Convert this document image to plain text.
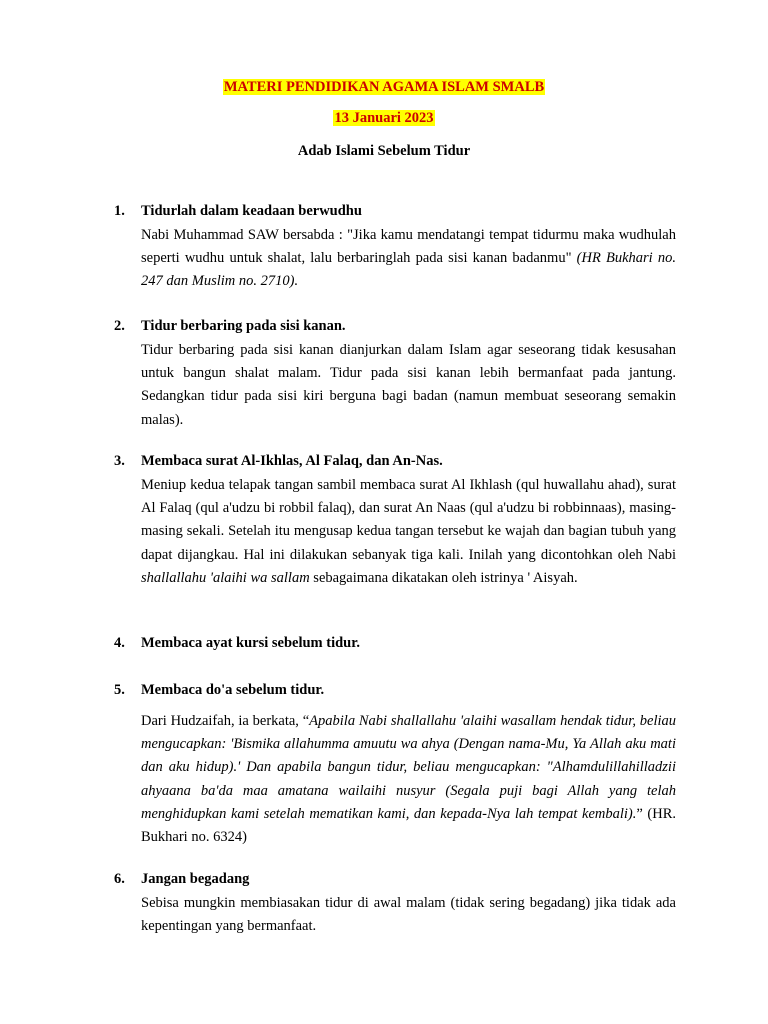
MATERI PENDIDIKAN AGAMA ISLAM SMALB
13 Januari 2023
Adab Islami Sebelum Tidur
1. Tidurlah dalam keadaan berwudhu

Nabi Muhammad SAW bersabda : "Jika kamu mendatangi tempat tidurmu maka wudhulah seperti wudhu untuk shalat, lalu berbaringlah pada sisi kanan badanmu" (HR Bukhari no. 247 dan Muslim no. 2710).

2. Tidur berbaring pada sisi kanan.

Tidur berbaring pada sisi kanan dianjurkan dalam Islam agar seseorang tidak kesusahan untuk bangun shalat malam. Tidur pada sisi kanan lebih bermanfaat pada jantung. Sedangkan tidur pada sisi kiri berguna bagi badan (namun membuat seseorang semakin malas).

3. Membaca surat Al-Ikhlas, Al Falaq, dan An-Nas.

Meniup kedua telapak tangan sambil membaca surat Al Ikhlash (qul huwallahu ahad), surat Al Falaq (qul a'udzu bi robbil falaq), dan surat An Naas (qul a'udzu bi robbinnaas), masing-masing sekali. Setelah itu mengusap kedua tangan tersebut ke wajah dan bagian tubuh yang dapat dijangkau. Hal ini dilakukan sebanyak tiga kali. Inilah yang dicontohkan oleh Nabi shallallahu 'alaihi wa sallam sebagaimana dikatakan oleh istrinya ' Aisyah.

4. Membaca ayat kursi sebelum tidur.
5. Membaca do'a sebelum tidur.

Dari Hudzaifah, ia berkata, “Apabila Nabi shallallahu 'alaihi wasallam hendak tidur, beliau mengucapkan: 'Bismika allahumma amuutu wa ahya (Dengan nama-Mu, Ya Allah aku mati dan aku hidup).' Dan apabila bangun tidur, beliau mengucapkan: "Alhamdulillahilladzii ahyaana ba'da maa amatana wailaihi nusyur (Segala puji bagi Allah yang telah menghidupkan kami setelah mematikan kami, dan kepada-Nya lah tempat kembali).” (HR. Bukhari no. 6324)

6. Jangan begadang

Sebisa mungkin membiasakan tidur di awal malam (tidak sering begadang) jika tidak ada kepentingan yang bermanfaat.
